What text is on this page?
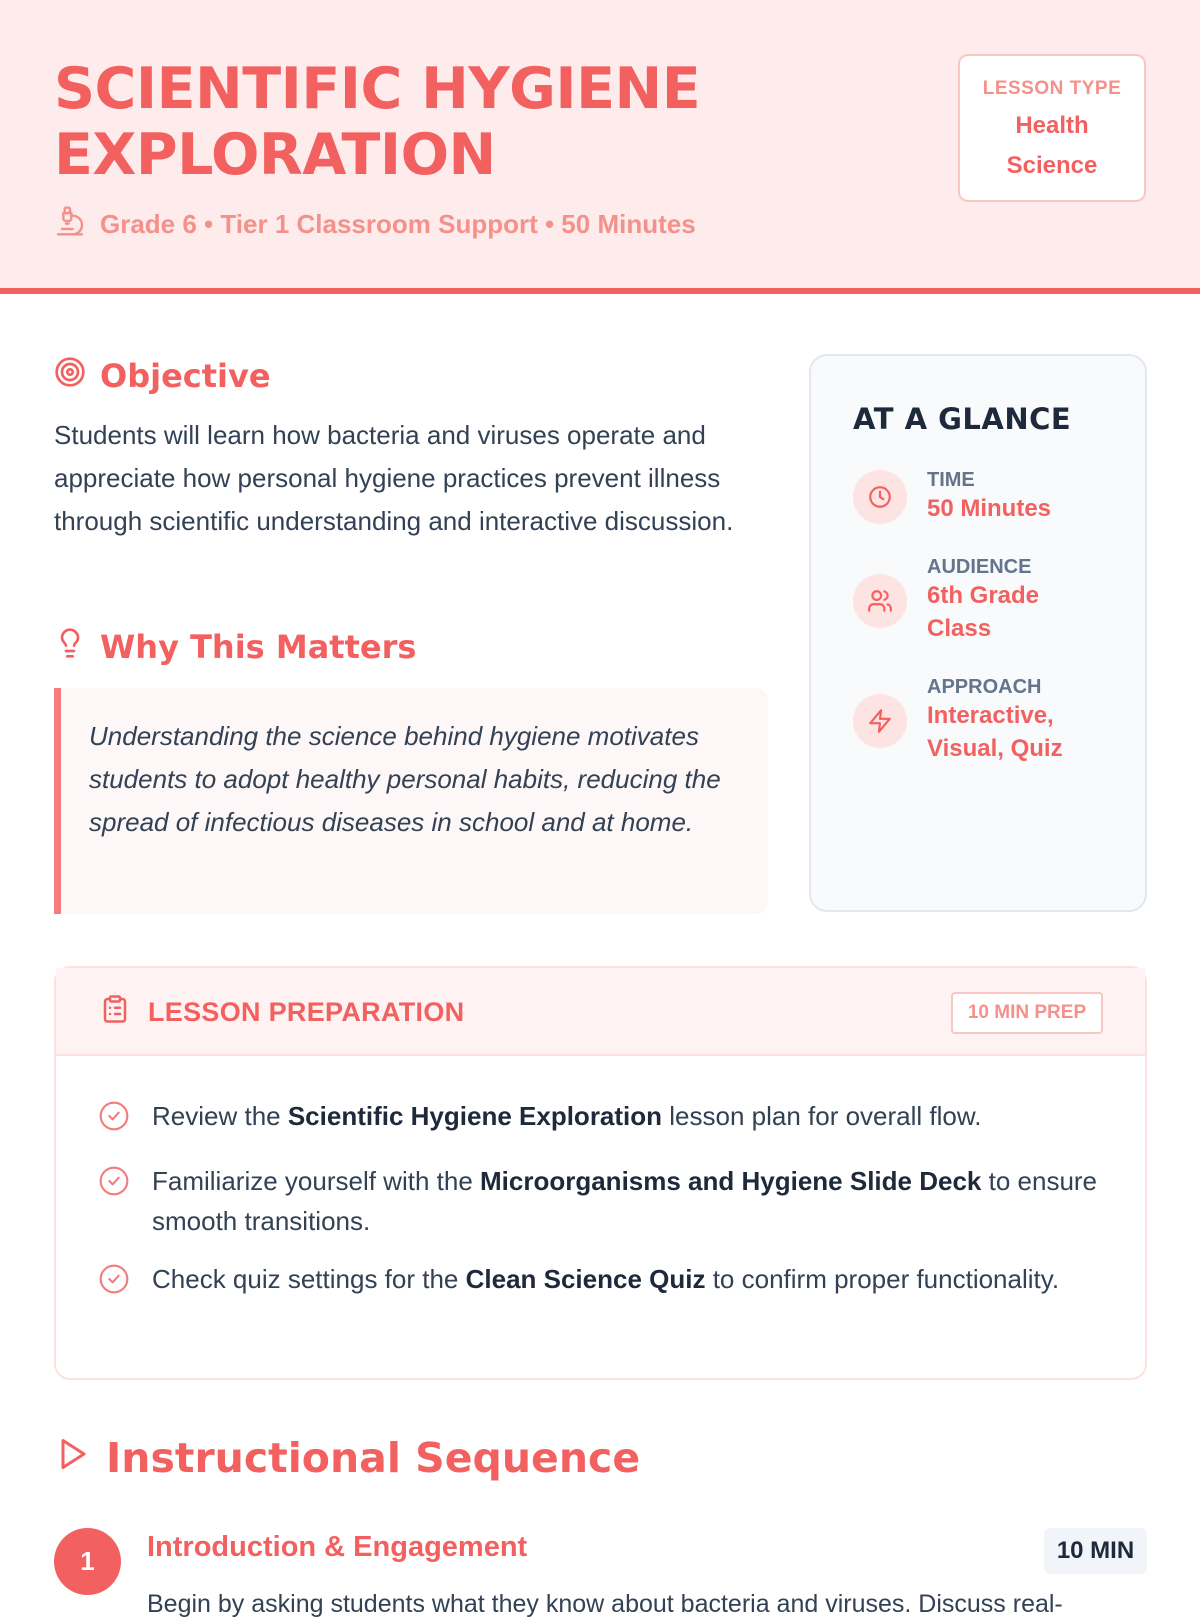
SCIENTIFIC HYGIENE EXPLORATION
Grade 6 • Tier 1 Classroom Support • 50 Minutes
LESSON TYPE
Health Science
Objective

Students will learn how bacteria and viruses operate and appreciate how personal hygiene practices prevent illness through scientific understanding and interactive discussion.

Why This Matters
Understanding the science behind hygiene motivates students to adopt healthy personal habits, reducing the spread of infectious diseases in school and at home.
AT A GLANCE
TIME
50 Minutes
AUDIENCE
6th Grade Class
APPROACH
Interactive, Visual, Quiz
LESSON PREPARATION	10 MIN PREP
Review the Scientific Hygiene Exploration lesson plan for overall flow.
Familiarize yourself with the Microorganisms and Hygiene Slide Deck to ensure smooth transitions.
Check quiz settings for the Clean Science Quiz to confirm proper functionality.
Instructional Sequence
1	Introduction & Engagement	10 MIN
Begin by asking students what they know about bacteria and viruses. Discuss real-
